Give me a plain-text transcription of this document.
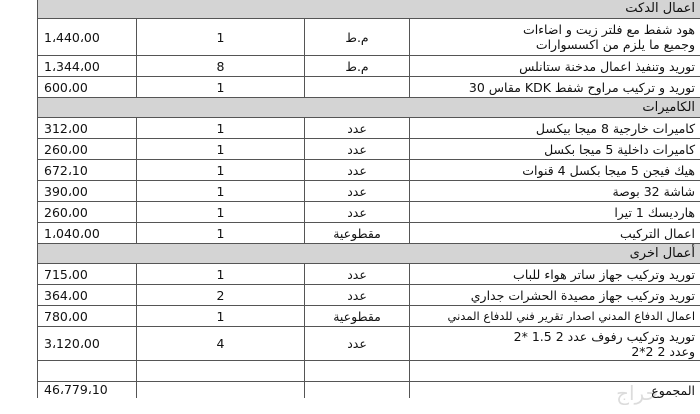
اعمال الدكت			

هود شفط مع فلتر زيت و اضاءات
وجميع ما يلزم من اكسسوارات	م.ط	1	1،440،00
توريد وتنفيذ اعمال مدخنة ستانلس	م.ط	8	1،344،00
توريد و تركيب مراوح شفط KDK مقاس 30		1	600،00
الكاميرات			
كاميرات خارجية 8 ميجا بيكسل	عدد	1	312،00
كاميرات داخلية 5 ميجا بكسل	عدد	1	260،00
هيك فيجن 5 ميجا بكسل 4 قنوات	عدد	1	672،10
شاشة 32 بوصة	عدد	1	390،00
هارديسك 1 تيرا	عدد	1	260،00
اعمال التركيب	مقطوعية	1	1،040،00
أعمال اخرى			
توريد وتركيب جهاز ساتر هواء للباب	عدد	1	715،00
توريد وتركيب جهاز مصيدة الحشرات جداري	عدد	2	364،00
اعمال الدفاع المدني اصدار تقرير فني للدفاع المدني	مقطوعية	1	780،00

توريد وتركيب رفوف عدد 2 1.5 *2
وعدد 2 2*2	عدد	4	3،120،00

المجموع			46،779،10	حراج
